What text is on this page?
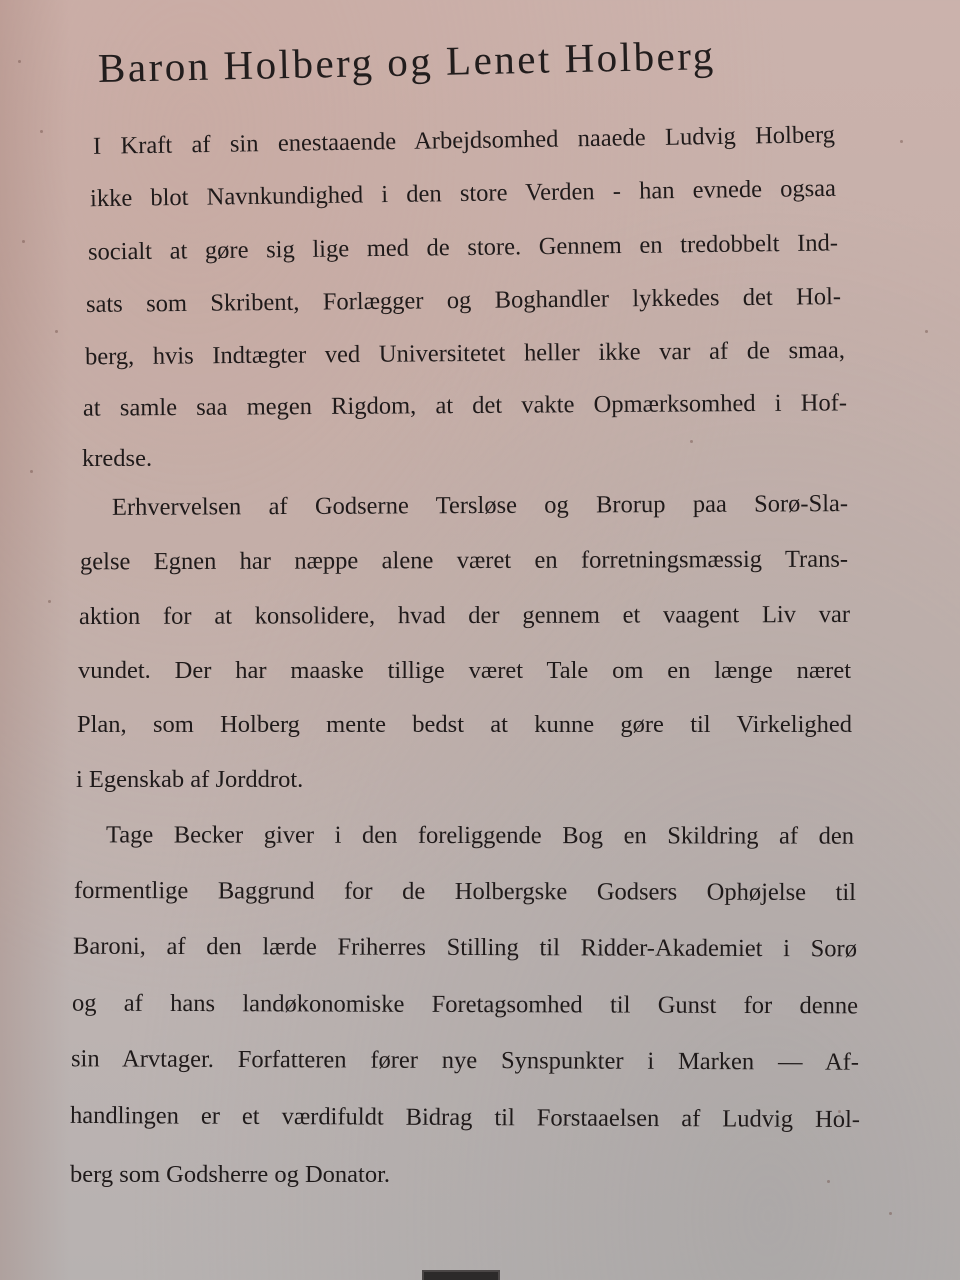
Baron Holberg og Lenet Holberg
I Kraft af sin enestaaende Arbejdsomhed naaede Ludvig Holberg
ikke blot Navnkundighed i den store Verden - han evnede ogsaa
socialt at gøre sig lige med de store. Gennem en tredobbelt Ind-
sats som Skribent, Forlægger og Boghandler lykkedes det Hol-
berg, hvis Indtægter ved Universitetet heller ikke var af de smaa,
at samle saa megen Rigdom, at det vakte Opmærksomhed i Hof-
kredse.
Erhvervelsen af Godserne Tersløse og Brorup paa Sorø-Sla-
gelse Egnen har næppe alene været en forretningsmæssig Trans-
aktion for at konsolidere, hvad der gennem et vaagent Liv var
vundet. Der har maaske tillige været Tale om en længe næret
Plan, som Holberg mente bedst at kunne gøre til Virkelighed
i Egenskab af Jorddrot.
Tage Becker giver i den foreliggende Bog en Skildring af den
formentlige Baggrund for de Holbergske Godsers Ophøjelse til
Baroni, af den lærde Friherres Stilling til Ridder-Akademiet i Sorø
og af hans landøkonomiske Foretagsomhed til Gunst for denne
sin Arvtager. Forfatteren fører nye Synspunkter i Marken — Af-
handlingen er et værdifuldt Bidrag til Forstaaelsen af Ludvig Hol-
berg som Godsherre og Donator.
